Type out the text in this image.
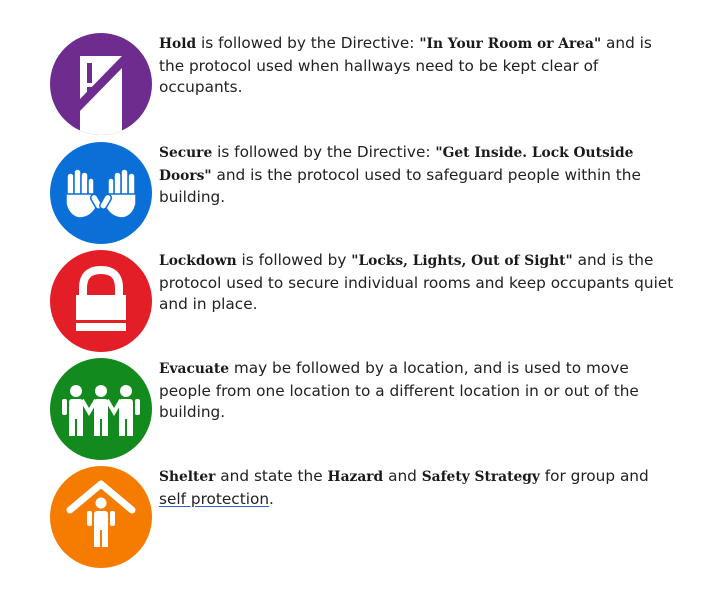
Hold is followed by the Directive: "In Your Room or Area" and is the protocol used when hallways need to be kept clear of occupants.
Secure is followed by the Directive: "Get Inside. Lock Outside Doors" and is the protocol used to safeguard people within the building.
Lockdown is followed by "Locks, Lights, Out of Sight" and is the protocol used to secure individual rooms and keep occupants quiet and in place.
Evacuate may be followed by a location, and is used to move people from one location to a different location in or out of the building.
Shelter and state the Hazard and Safety Strategy for group and self protection.
